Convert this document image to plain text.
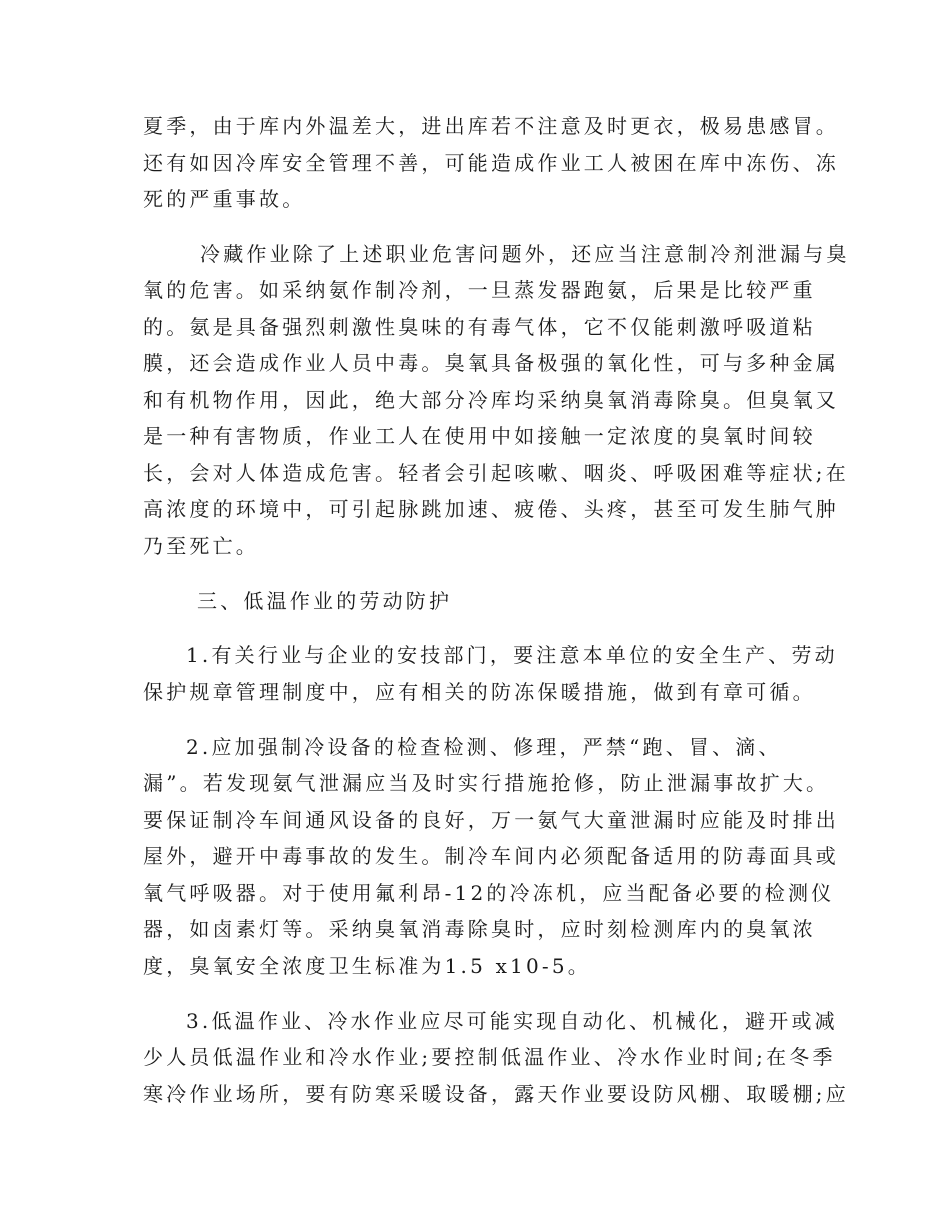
夏季，由于库内外温差大，进出库若不注意及时更衣，极易患感冒。
还有如因冷库安全管理不善，可能造成作业工人被困在库中冻伤、冻
死的严重事故。
冷藏作业除了上述职业危害问题外，还应当注意制冷剂泄漏与臭
氧的危害。如采纳氨作制冷剂，一旦蒸发器跑氨，后果是比较严重
的。氨是具备强烈刺激性臭味的有毒气体，它不仅能刺激呼吸道粘
膜，还会造成作业人员中毒。臭氧具备极强的氧化性，可与多种金属
和有机物作用，因此，绝大部分冷库均采纳臭氧消毒除臭。但臭氧又
是一种有害物质，作业工人在使用中如接触一定浓度的臭氧时间较
长，会对人体造成危害。轻者会引起咳嗽、咽炎、呼吸困难等症状;在
高浓度的环境中，可引起脉跳加速、疲倦、头疼，甚至可发生肺气肿
乃至死亡。
三、低温作业的劳动防护
1.有关行业与企业的安技部门，要注意本单位的安全生产、劳动
保护规章管理制度中，应有相关的防冻保暖措施，做到有章可循。
2.应加强制冷设备的检查检测、修理，严禁“跑、冒、滴、
漏”。若发现氨气泄漏应当及时实行措施抢修，防止泄漏事故扩大。
要保证制冷车间通风设备的良好，万一氨气大童泄漏时应能及时排出
屋外，避开中毒事故的发生。制冷车间内必须配备适用的防毒面具或
氧气呼吸器。对于使用氟利昂-12的冷冻机，应当配备必要的检测仪
器，如卤素灯等。采纳臭氧消毒除臭时，应时刻检测库内的臭氧浓
度，臭氧安全浓度卫生标准为1.5 x10-5。
3.低温作业、冷水作业应尽可能实现自动化、机械化，避开或减
少人员低温作业和冷水作业;要控制低温作业、冷水作业时间;在冬季
寒冷作业场所，要有防寒采暖设备，露天作业要设防风棚、取暖棚;应
